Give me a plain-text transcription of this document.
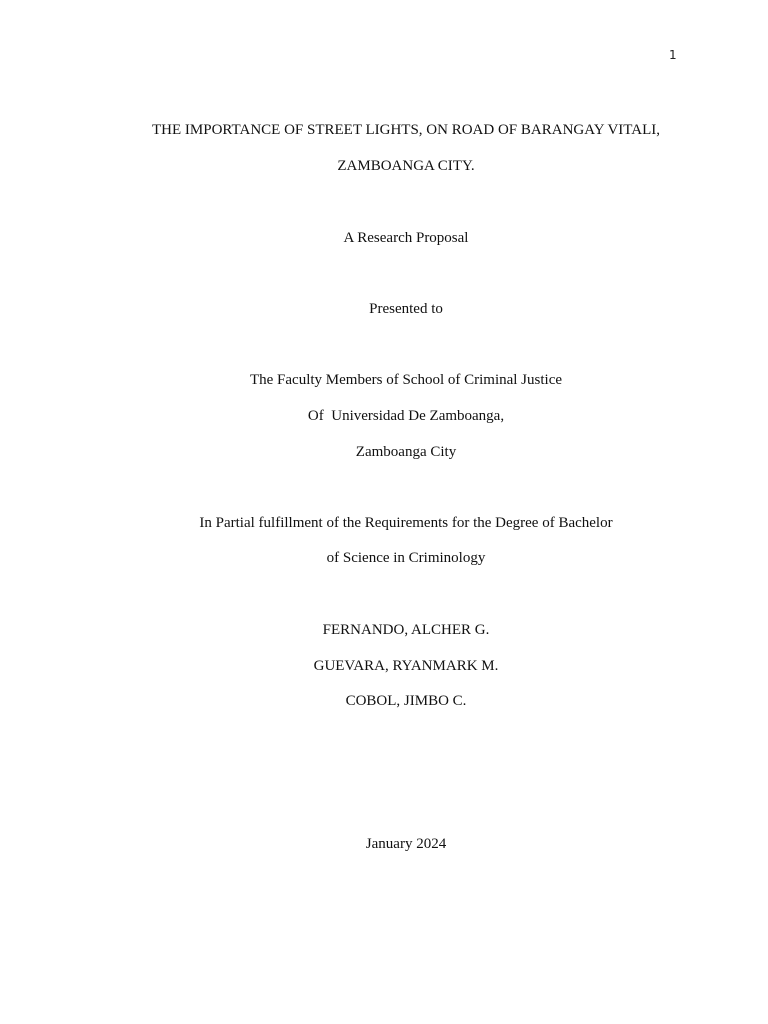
1
THE IMPORTANCE OF STREET LIGHTS, ON ROAD OF BARANGAY VITALI,
ZAMBOANGA CITY.
A Research Proposal
Presented to
The Faculty Members of School of Criminal Justice
Of  Universidad De Zamboanga,
Zamboanga City
In Partial fulfillment of the Requirements for the Degree of Bachelor
of Science in Criminology
FERNANDO, ALCHER G.
GUEVARA, RYANMARK M.
COBOL, JIMBO C.
January 2024
